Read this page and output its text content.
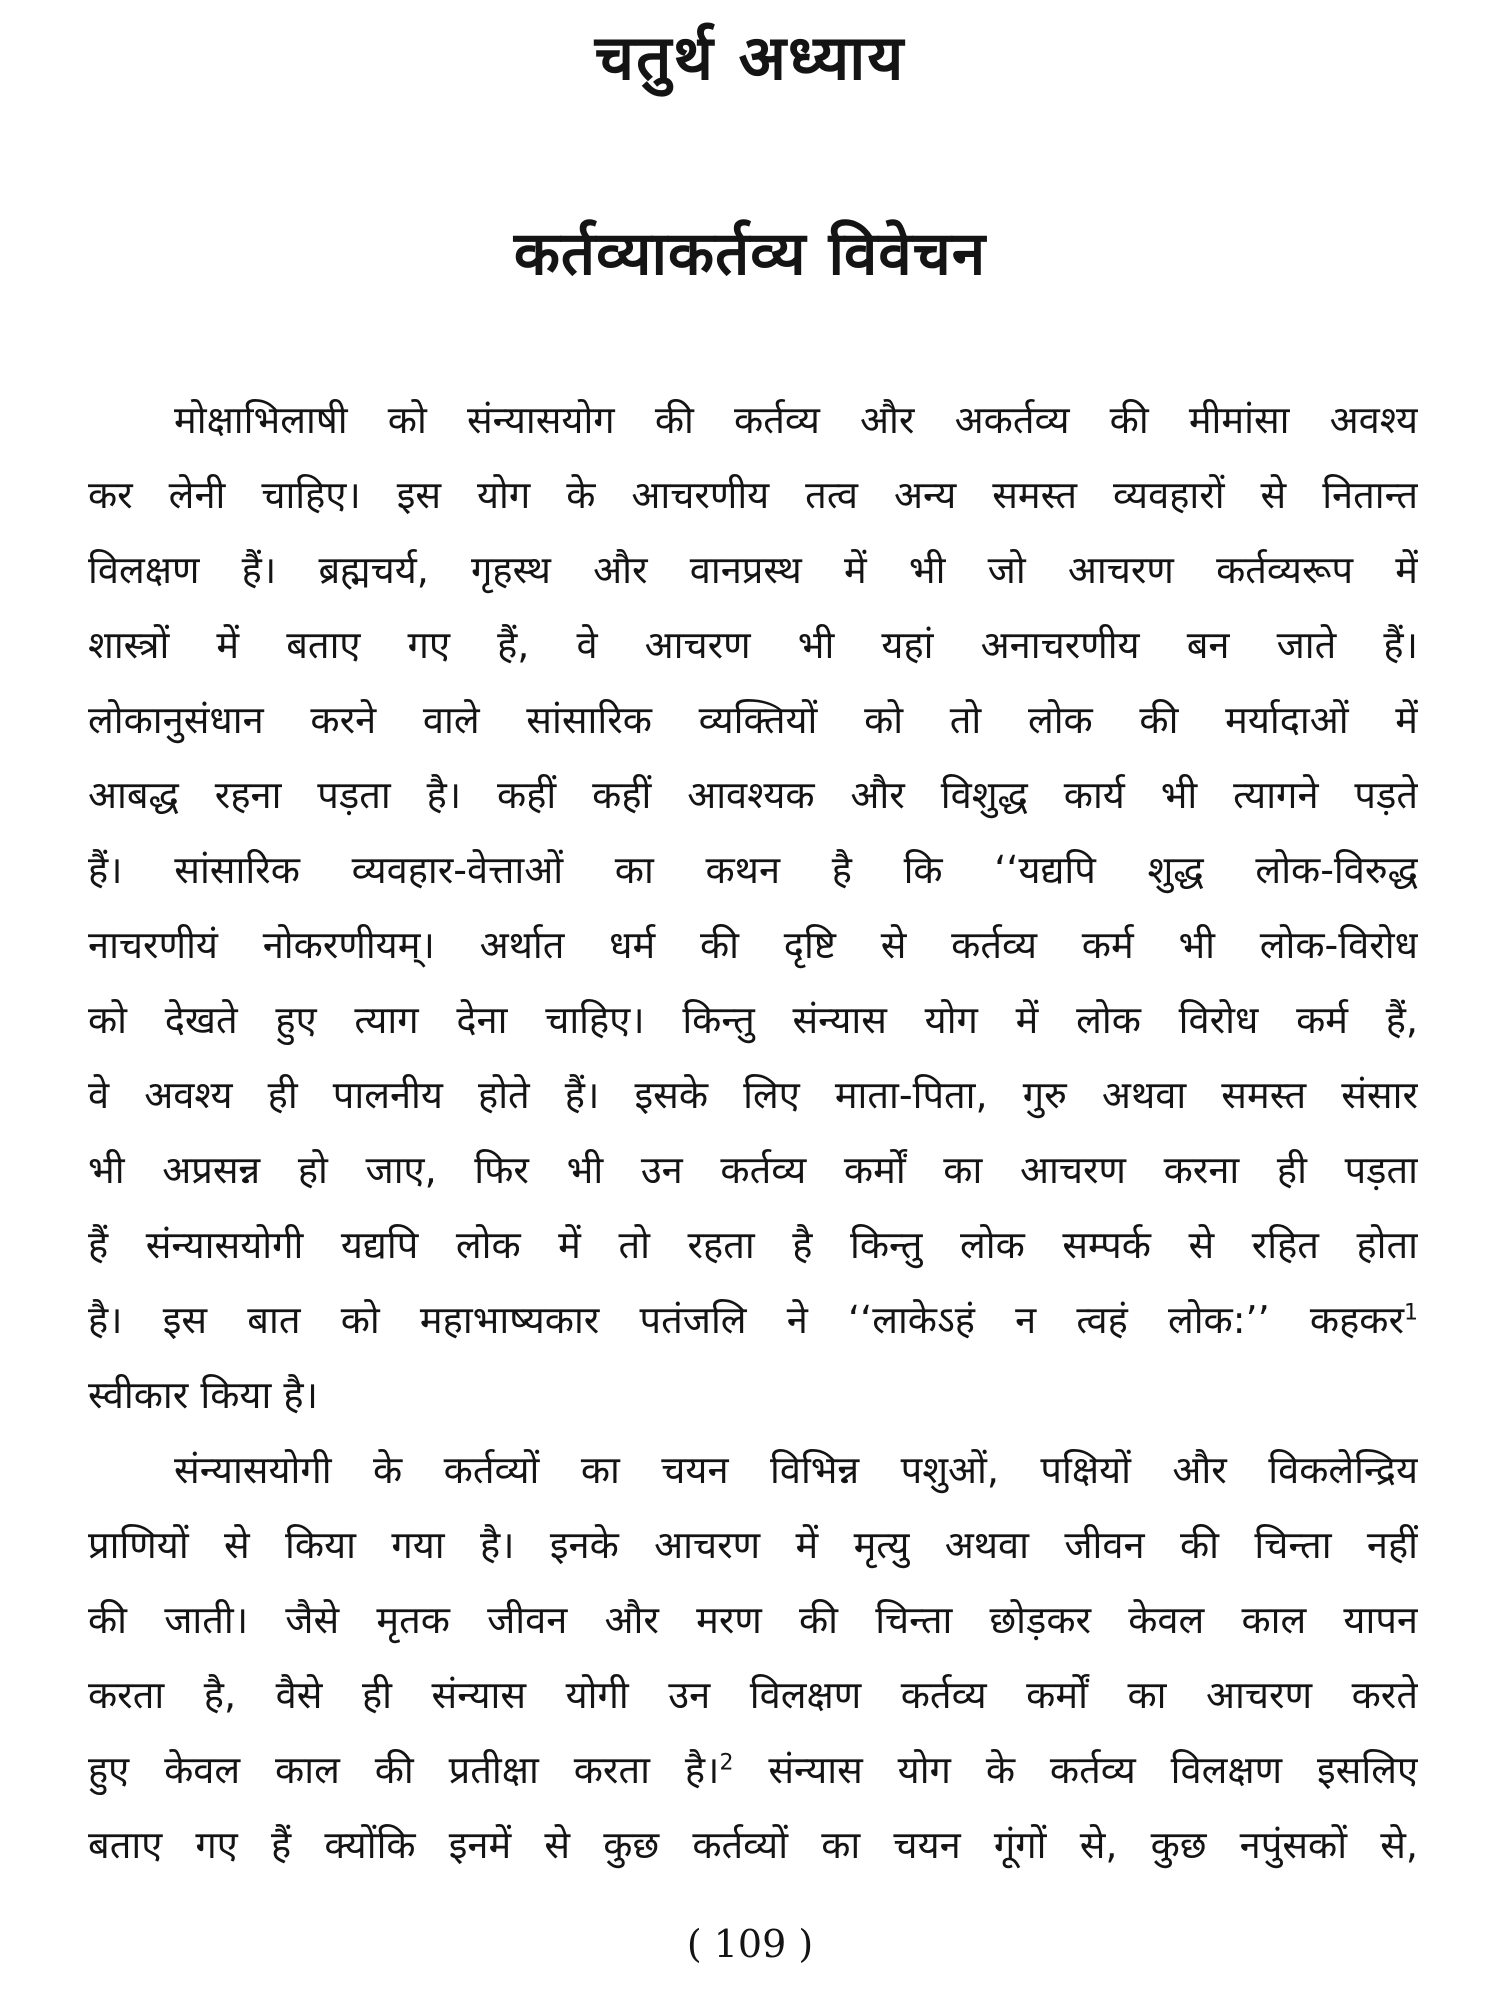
चतुर्थ अध्याय
कर्तव्याकर्तव्य विवेचन
मोक्षाभिलाषी को संन्यासयोग की कर्तव्य और अकर्तव्य की मीमांसा अवश्य
कर लेनी चाहिए। इस योग के आचरणीय तत्व अन्य समस्त व्यवहारों से नितान्त
विलक्षण हैं। ब्रह्मचर्य, गृहस्थ और वानप्रस्थ में भी जो आचरण कर्तव्यरूप में
शास्त्रों में बताए गए हैं, वे आचरण भी यहां अनाचरणीय बन जाते हैं।
लोकानुसंधान करने वाले सांसारिक व्यक्तियों को तो लोक की मर्यादाओं में
आबद्ध रहना पड़ता है। कहीं कहीं आवश्यक और विशुद्ध कार्य भी त्यागने पड़ते
हैं। सांसारिक व्यवहार-वेत्ताओं का कथन है कि ‘‘यद्यपि शुद्ध लोक-विरुद्ध
नाचरणीयं नोकरणीयम्। अर्थात धर्म की दृष्टि से कर्तव्य कर्म भी लोक-विरोध
को देखते हुए त्याग देना चाहिए। किन्तु संन्यास योग में लोक विरोध कर्म हैं,
वे अवश्य ही पालनीय होते हैं। इसके लिए माता-पिता, गुरु अथवा समस्त संसार
भी अप्रसन्न हो जाए, फिर भी उन कर्तव्य कर्मों का आचरण करना ही पड़ता
हैं संन्यासयोगी यद्यपि लोक में तो रहता है किन्तु लोक सम्पर्क से रहित होता
है। इस बात को महाभाष्यकार पतंजलि ने ‘‘लाकेऽहं न त्वहं लोक:’’ कहकर$^1$
स्वीकार किया है।
संन्यासयोगी के कर्तव्यों का चयन विभिन्न पशुओं, पक्षियों और विकलेन्द्रिय
प्राणियों से किया गया है। इनके आचरण में मृत्यु अथवा जीवन की चिन्ता नहीं
की जाती। जैसे मृतक जीवन और मरण की चिन्ता छोड़कर केवल काल यापन
करता है, वैसे ही संन्यास योगी उन विलक्षण कर्तव्य कर्मों का आचरण करते
हुए केवल काल की प्रतीक्षा करता है।$^2$ संन्यास योग के कर्तव्य विलक्षण इसलिए
बताए गए हैं क्योंकि इनमें से कुछ कर्तव्यों का चयन गूंगों से, कुछ नपुंसकों से,
( 109 )
